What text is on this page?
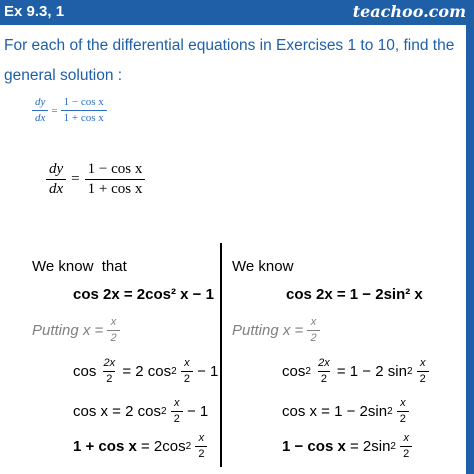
Ex 9.3, 1	teachoo.com
For each of the differential equations in Exercises 1 to 10, find the general solution :
$\frac{dy}{dx} = \frac{\text{1 − cos x}}{\text{1 + cos x}}$
$\frac{dy}{dx} = \frac{\text{1 − cos x}}{\text{1 + cos x}}$
We know  that
cos 2x = 2cos² x − 1
Putting $x = \frac{x}{2}$
cos
$\frac{2x}{2}$
= 2 cos 2
$\frac{x}{2}$
− 1
cos x = 2 cos 2
$\frac{x}{2}$
− 1
1 + cos x
= 2cos 2
$\frac{x}{2}$
We know
cos 2x = 1 − 2sin² x
Putting $x = \frac{x}{2}$
cos 2
$\frac{2x}{2}$
= 1 − 2 sin 2
$\frac{x}{2}$
cos x = 1 − 2sin 2
$\frac{x}{2}$
1 − cos x
= 2sin 2
$\frac{x}{2}$
